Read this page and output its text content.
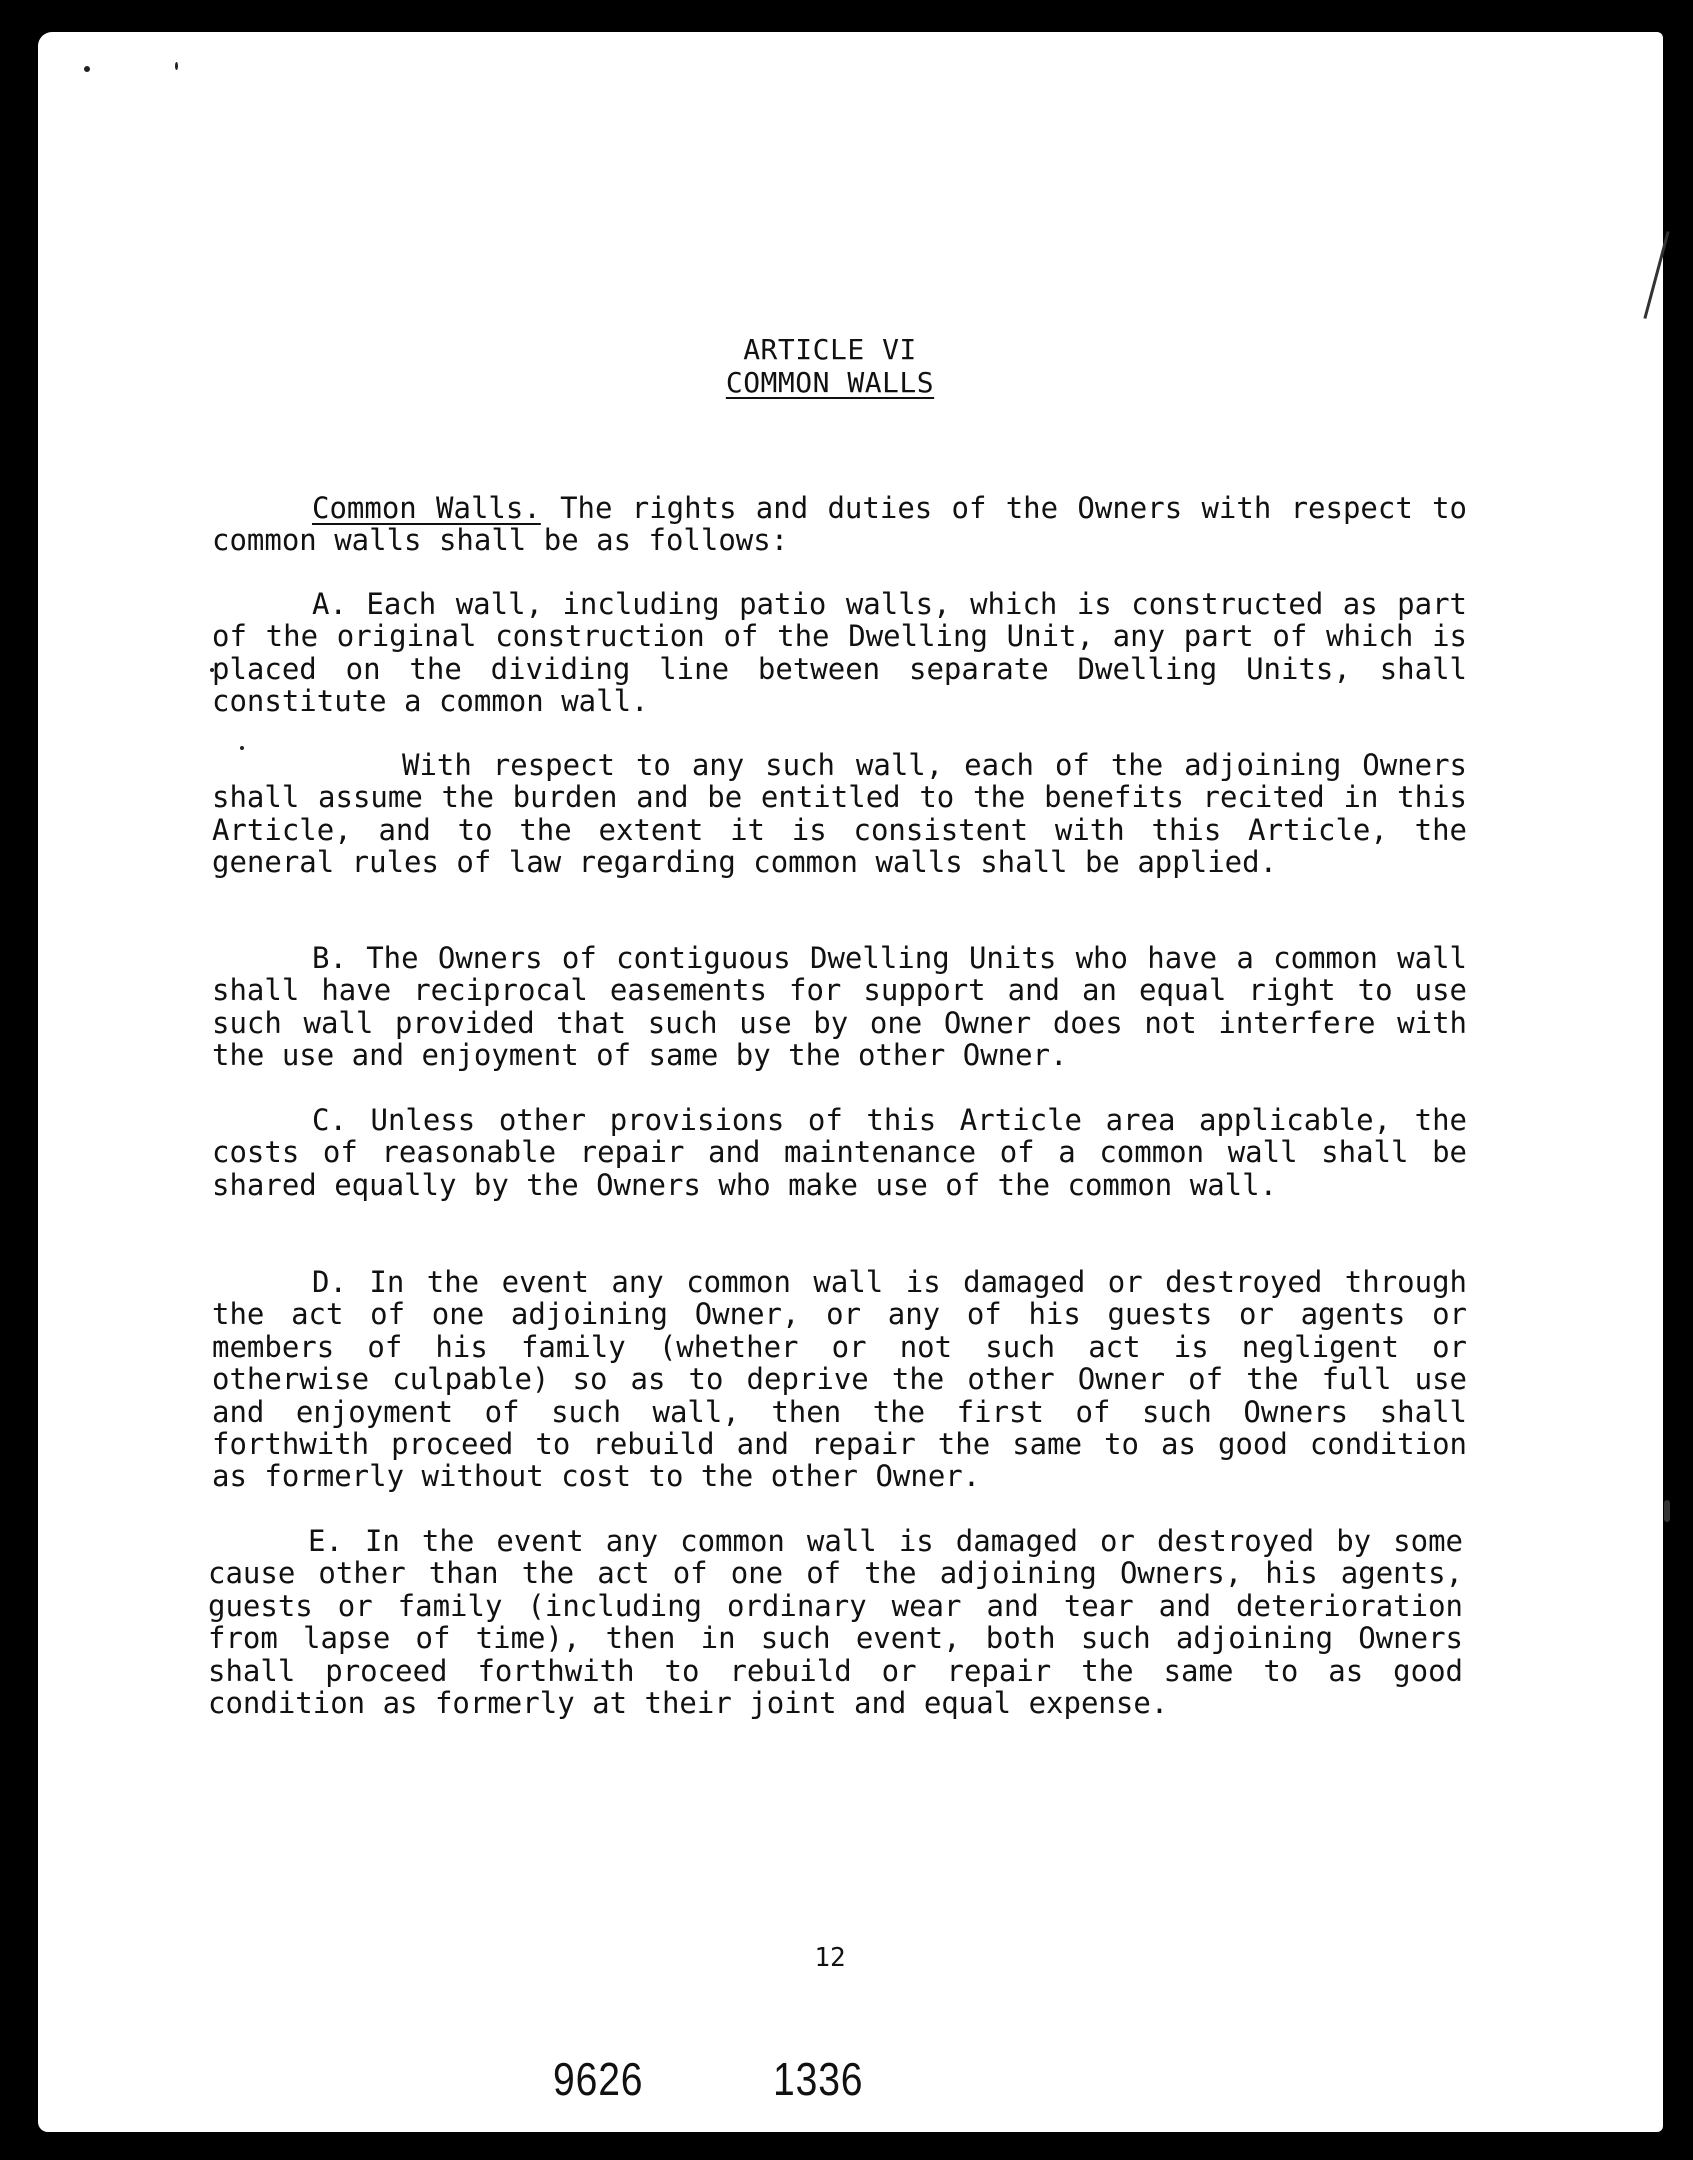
ARTICLE VI
COMMON WALLS

Common Walls. The rights and duties of the Owners with respect to common walls shall be as follows:

A. Each wall, including patio walls, which is constructed as part of the original construction of the Dwelling Unit, any part of which is placed on the dividing line between separate Dwelling Units, shall constitute a common wall.

With respect to any such wall, each of the adjoining Owners shall assume the burden and be entitled to the benefits recited in this Article, and to the extent it is consistent with this Article, the general rules of law regarding common walls shall be applied.

B. The Owners of contiguous Dwelling Units who have a common wall shall have reciprocal easements for support and an equal right to use such wall provided that such use by one Owner does not interfere with the use and enjoyment of same by the other Owner.

C. Unless other provisions of this Article area applicable, the costs of reasonable repair and maintenance of a common wall shall be shared equally by the Owners who make use of the common wall.

D. In the event any common wall is damaged or destroyed through the act of one adjoining Owner, or any of his guests or agents or members of his family (whether or not such act is negligent or otherwise culpable) so as to deprive the other Owner of the full use and enjoyment of such wall, then the first of such Owners shall forthwith proceed to rebuild and repair the same to as good condition as formerly without cost to the other Owner.

E. In the event any common wall is damaged or destroyed by some cause other than the act of one of the adjoining Owners, his agents, guests or family (including ordinary wear and tear and deterioration from lapse of time), then in such event, both such adjoining Owners shall proceed forthwith to rebuild or repair the same to as good condition as formerly at their joint and equal expense.

12
9626	1336
